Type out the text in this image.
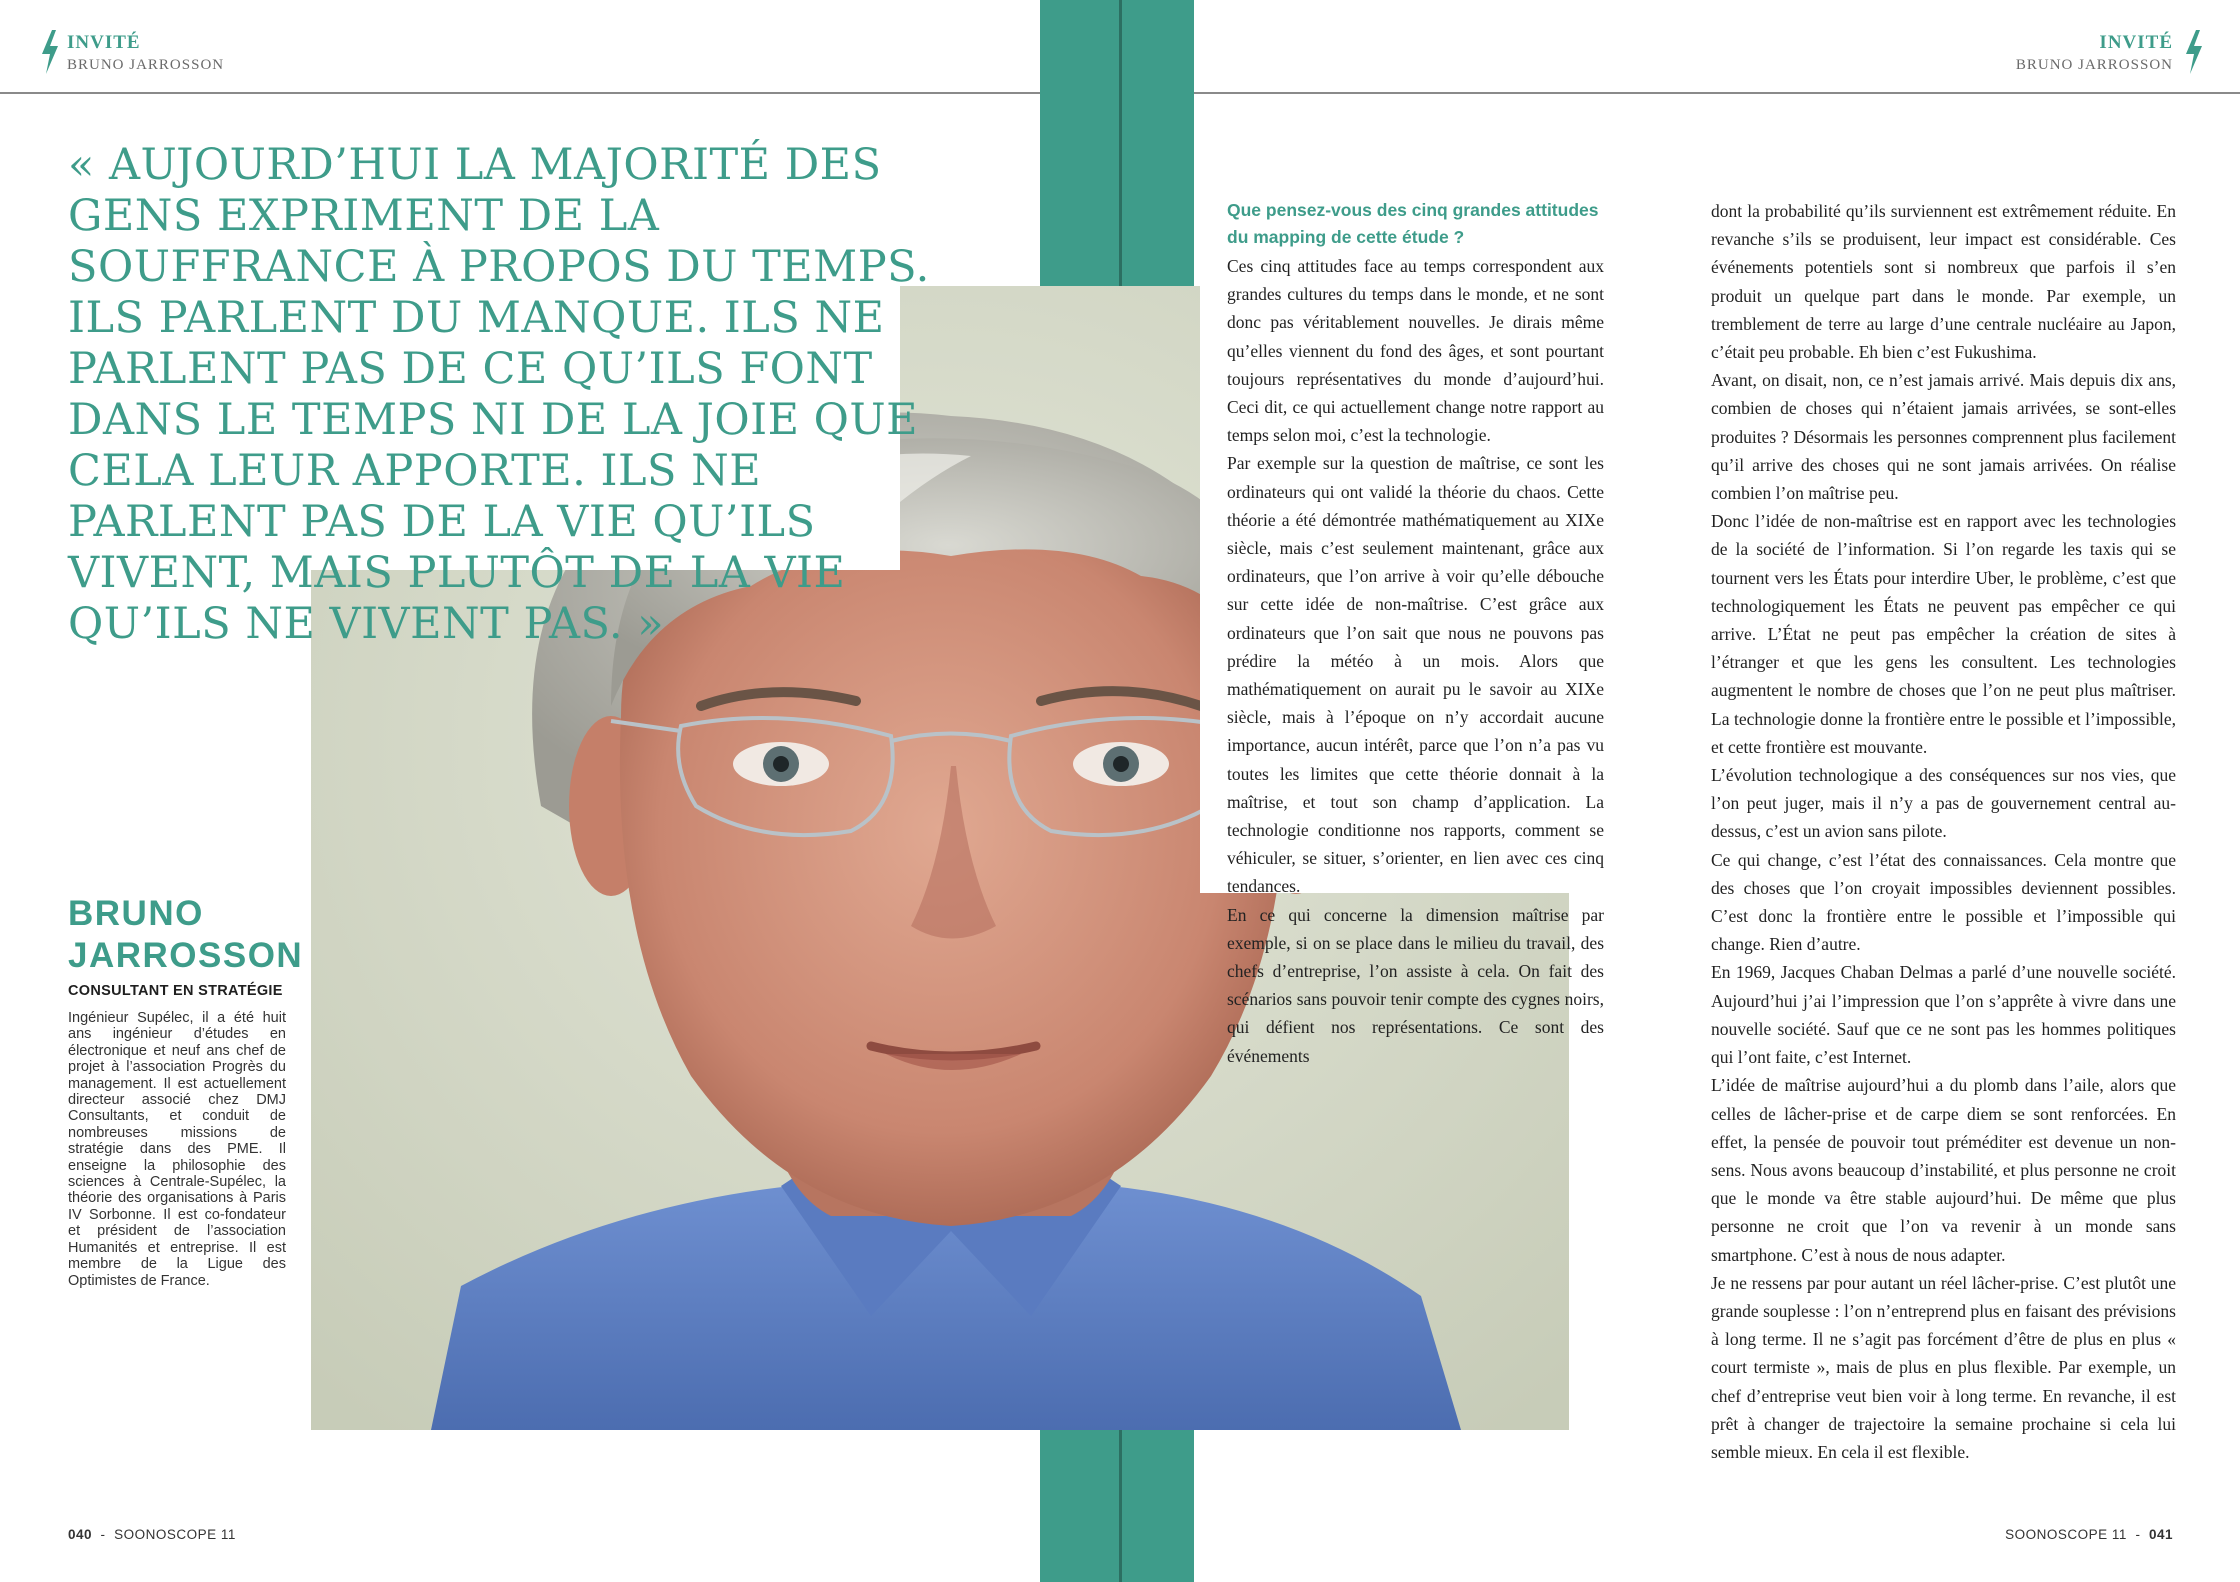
INVITÉ
BRUNO JARROSSON
INVITÉ
BRUNO JARROSSON
« AUJOURD’HUI LA MAJORITÉ DES GENS EXPRIMENT DE LA SOUFFRANCE À PROPOS DU TEMPS. ILS PARLENT DU MANQUE. ILS NE PARLENT PAS DE CE QU’ILS FONT DANS LE TEMPS NI DE LA JOIE QUE CELA LEUR APPORTE. ILS NE PARLENT PAS DE LA VIE QU’ILS VIVENT, MAIS PLUTÔT DE LA VIE QU’ILS NE VIVENT PAS. »
BRUNO JARROSSON
CONSULTANT EN STRATÉGIE
Ingénieur Supélec, il a été huit ans ingénieur d’études en électronique et neuf ans chef de projet à l’association Progrès du management. Il est actuellement directeur associé chez DMJ Consultants, et conduit de nombreuses missions de stratégie dans des PME. Il enseigne la philosophie des sciences à Centrale-Supélec, la théorie des organisations à Paris IV Sorbonne. Il est co-fondateur et président de l’association Humanités et entreprise. Il est membre de la Ligue des Optimistes de France.
Que pensez-vous des cinq grandes attitudes du mapping de cette étude ?

Ces cinq attitudes face au temps correspondent aux grandes cultures du temps dans le monde, et ne sont donc pas véritablement nouvelles. Je dirais même qu’elles viennent du fond des âges, et sont pourtant toujours représentatives du monde d’aujourd’hui. Ceci dit, ce qui actuellement change notre rapport au temps selon moi, c’est la technologie.

Par exemple sur la question de maîtrise, ce sont les ordinateurs qui ont validé la théorie du chaos. Cette théorie a été démontrée mathématiquement au XIXe siècle, mais c’est seulement maintenant, grâce aux ordinateurs, que l’on arrive à voir qu’elle débouche sur cette idée de non-maîtrise. C’est grâce aux ordinateurs que l’on sait que nous ne pouvons pas prédire la météo à un mois. Alors que mathématiquement on aurait pu le savoir au XIXe siècle, mais à l’époque on n’y accordait aucune importance, aucun intérêt, parce que l’on n’a pas vu toutes les limites que cette théorie donnait à la maîtrise, et tout son champ d’application. La technologie conditionne nos rapports, comment se véhiculer, se situer, s’orienter, en lien avec ces cinq tendances.

En ce qui concerne la dimension maîtrise par exemple, si on se place dans le milieu du travail, des chefs d’entreprise, l’on assiste à cela. On fait des scénarios sans pouvoir tenir compte des cygnes noirs, qui défient nos représentations. Ce sont des événements

dont la probabilité qu’ils surviennent est extrêmement réduite. En revanche s’ils se produisent, leur impact est considérable. Ces événements potentiels sont si nombreux que parfois il s’en produit un quelque part dans le monde. Par exemple, un tremblement de terre au large d’une centrale nucléaire au Japon, c’était peu probable. Eh bien c’est Fukushima.

Avant, on disait, non, ce n’est jamais arrivé. Mais depuis dix ans, combien de choses qui n’étaient jamais arrivées, se sont-elles produites ? Désormais les personnes comprennent plus facilement qu’il arrive des choses qui ne sont jamais arrivées. On réalise combien l’on maîtrise peu.

Donc l’idée de non-maîtrise est en rapport avec les technologies de la société de l’information. Si l’on regarde les taxis qui se tournent vers les États pour interdire Uber, le problème, c’est que technologiquement les États ne peuvent pas empêcher ce qui arrive. L’État ne peut pas empêcher la création de sites à l’étranger et que les gens les consultent. Les technologies augmentent le nombre de choses que l’on ne peut plus maîtriser. La technologie donne la frontière entre le possible et l’impossible, et cette frontière est mouvante.

L’évolution technologique a des conséquences sur nos vies, que l’on peut juger, mais il n’y a pas de gouvernement central au-dessus, c’est un avion sans pilote.

Ce qui change, c’est l’état des connaissances. Cela montre que des choses que l’on croyait impossibles deviennent possibles. C’est donc la frontière entre le possible et l’impossible qui change. Rien d’autre.

En 1969, Jacques Chaban Delmas a parlé d’une nouvelle société. Aujourd’hui j’ai l’impression que l’on s’apprête à vivre dans une nouvelle société. Sauf que ce ne sont pas les hommes politiques qui l’ont faite, c’est Internet.

L’idée de maîtrise aujourd’hui a du plomb dans l’aile, alors que celles de lâcher-prise et de carpe diem se sont renforcées. En effet, la pensée de pouvoir tout préméditer est devenue un non-sens. Nous avons beaucoup d’instabilité, et plus personne ne croit que le monde va être stable aujourd’hui. De même que plus personne ne croit que l’on va revenir à un monde sans smartphone. C’est à nous de nous adapter.

Je ne ressens par pour autant un réel lâcher-prise. C’est plutôt une grande souplesse : l’on n’entreprend plus en faisant des prévisions à long terme. Il ne s’agit pas forcément d’être de plus en plus « court termiste », mais de plus en plus flexible. Par exemple, un chef d’entreprise veut bien voir à long terme. En revanche, il est prêt à changer de trajectoire la semaine prochaine si cela lui semble mieux. En cela il est flexible.

040 - SOONOSCOPE 11	SOONOSCOPE 11 - 041
